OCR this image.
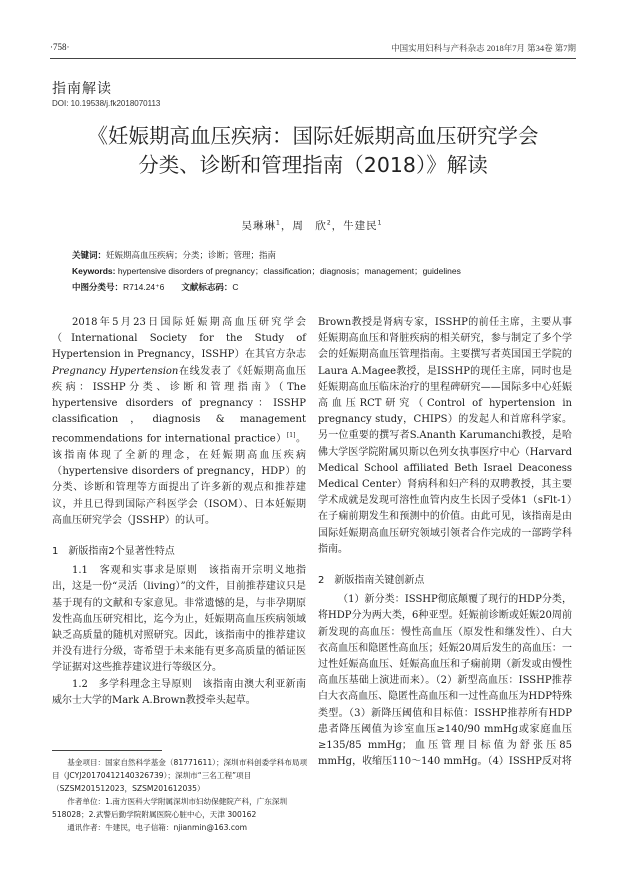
·758·	中国实用妇科与产科杂志 2018年7月 第34卷 第7期
指南解读
DOI: 10.19538/j.fk2018070113
《妊娠期高血压疾病：国际妊娠期高血压研究学会
分类、诊断和管理指南（2018）》解读
吴琳琳$^1$，周　欣$^2$，牛建民$^1$
关键词：妊娠期高血压疾病；分类；诊断；管理；指南
Keywords: hypertensive disorders of pregnancy；classification；diagnosis；management；guidelines
中图分类号：R714.24⁺6　　文献标志码：C

2018年5月23日国际妊娠期高血压研究学会（International Society for the Study of Hypertension in Pregnancy，ISSHP）在其官方杂志Pregnancy Hypertension在线发表了《妊娠期高血压疾病：ISSHP分类、诊断和管理指南》（The hypertensive disorders of pregnancy：ISSHP classification，diagnosis & management recommendations for international practice）[1]。该指南体现了全新的理念，在妊娠期高血压疾病（hypertensive disorders of pregnancy，HDP）的分类、诊断和管理等方面提出了许多新的观点和推荐建议，并且已得到国际产科医学会（ISOM）、日本妊娠期高血压研究学会（JSSHP）的认可。

1　新版指南2个显著性特点

1.1　客观和实事求是原则　该指南开宗明义地指出，这是一份“灵活（living）”的文件，目前推荐建议只是基于现有的文献和专家意见。非常遗憾的是，与非孕期原发性高血压研究相比，迄今为止，妊娠期高血压疾病领域缺乏高质量的随机对照研究。因此，该指南中的推荐建议并没有进行分级，寄希望于未来能有更多高质量的循证医学证据对这些推荐建议进行等级区分。

1.2　多学科理念主导原则　该指南由澳大利亚新南威尔士大学的Mark A.Brown教授牵头起草。

Brown教授是肾病专家，ISSHP的前任主席，主要从事妊娠期高血压和肾脏疾病的相关研究，参与制定了多个学会的妊娠期高血压管理指南。主要撰写者英国国王学院的Laura A.Magee教授，是ISSHP的现任主席，同时也是妊娠期高血压临床治疗的里程碑研究——国际多中心妊娠高血压RCT研究（Control of hypertension in pregnancy study，CHIPS）的发起人和首席科学家。另一位重要的撰写者S.Ananth Karumanchi教授，是哈佛大学医学院附属贝斯以色列女执事医疗中心（Harvard Medical School affiliated Beth Israel Deaconess Medical Center）肾病科和妇产科的双聘教授，其主要学术成就是发现可溶性血管内皮生长因子受体1（sFlt-1）在子痫前期发生和预测中的价值。由此可见，该指南是由国际妊娠期高血压研究领域引领者合作完成的一部跨学科指南。

2　新版指南关键创新点

（1）新分类：ISSHP彻底颠覆了现行的HDP分类，将HDP分为两大类，6种亚型。妊娠前诊断或妊娠20周前新发现的高血压：慢性高血压（原发性和继发性）、白大衣高血压和隐匿性高血压；妊娠20周后发生的高血压：一过性妊娠高血压、妊娠高血压和子痫前期（新发或由慢性高血压基础上演进而来）。（2）新型高血压：ISSHP推荐白大衣高血压、隐匿性高血压和一过性高血压为HDP特殊类型。（3）新降压阈值和目标值：ISSHP推荐所有HDP患者降压阈值为诊室血压≥140/90 mmHg或家庭血压≥135/85 mmHg；血压管理目标值为舒张压85 mmHg，收缩压110～140 mmHg。（4）ISSHP反对将

基金项目：国家自然科学基金（81771611）；深圳市科创委学科布局项目（JCYJ20170412140326739）；深圳市“三名工程”项目（SZSM201512023，SZSM201612035）

作者单位：1.南方医科大学附属深圳市妇幼保健院产科，广东深圳 518028；2.武警后勤学院附属医院心脏中心，天津 300162

通讯作者：牛建民，电子信箱：njianmin@163.com
